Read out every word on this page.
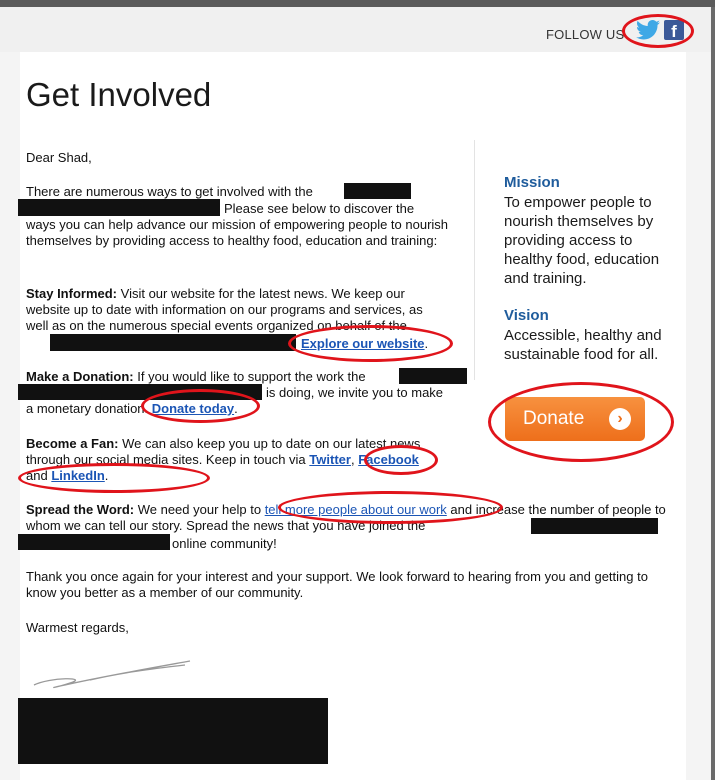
FOLLOW US	f
Get Involved

Dear Shad,

There are numerous ways to get involved with the

Please see below to discover the

ways you can help advance our mission of empowering people to nourish themselves by providing access to healthy food, education and training:

Stay Informed: Visit our website for the latest news. We keep our website up to date with information on our programs and services, as well as on the numerous special events organized on behalf of the

Explore our website.

Make a Donation: If you would like to support the work the

is doing, we invite you to make a monetary donation. Donate today.

Become a Fan: We can also keep you up to date on our latest news through our social media sites. Keep in touch via Twitter, Facebook and LinkedIn.

Spread the Word: We need your help to tell more people about our work and increase the number of people to whom we can tell our story. Spread the news that you have joined the

online community!

Thank you once again for your interest and your support. We look forward to hearing from you and getting to know you better as a member of our community.

Warmest regards,

Mission

To empower people to nourish themselves by providing access to healthy food, education and training.

Vision

Accessible, healthy and sustainable food for all.

Donate	›
